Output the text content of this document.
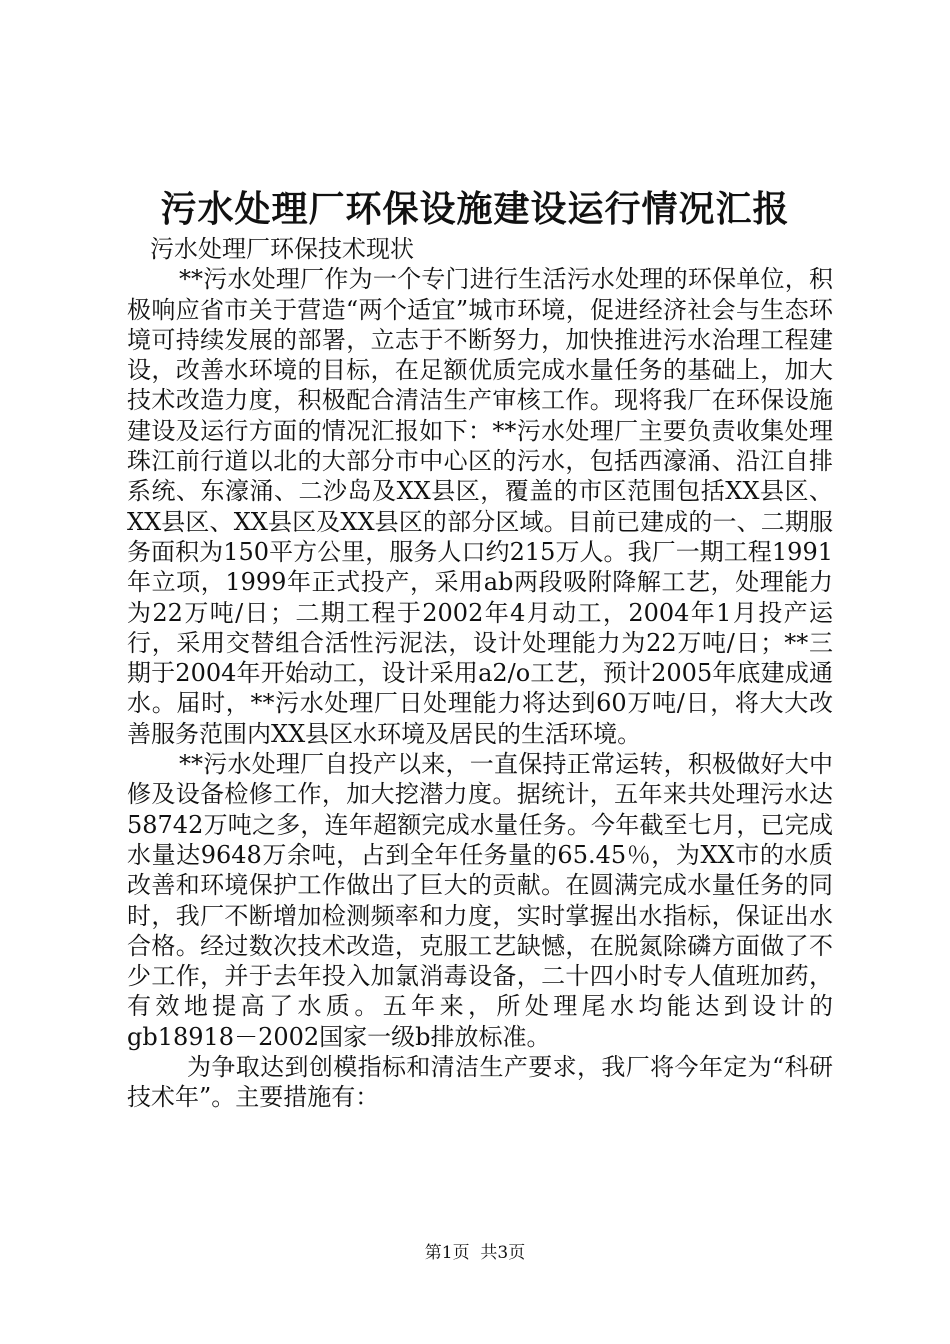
污水处理厂环保设施建设运行情况汇报

污水处理厂环保技术现状

**污水处理厂作为一个专门进行生活污水处理的环保单位，积极响应省市关于营造“两个适宜”城市环境，促进经济社会与生态环境可持续发展的部署，立志于不断努力，加快推进污水治理工程建设，改善水环境的目标，在足额优质完成水量任务的基础上，加大技术改造力度，积极配合清洁生产审核工作。现将我厂在环保设施建设及运行方面的情况汇报如下：**污水处理厂主要负责收集处理珠江前行道以北的大部分市中心区的污水，包括西濠涌、沿江自排系统、东濠涌、二沙岛及XX县区，覆盖的市区范围包括XX县区、XX县区、XX县区及XX县区的部分区域。目前已建成的一、二期服务面积为150平方公里，服务人口约215万人。我厂一期工程1991年立项，1999年正式投产，采用ab两段吸附降解工艺，处理能力为22万吨/日；二期工程于2002年4月动工，2004年1月投产运行，采用交替组合活性污泥法，设计处理能力为22万吨/日；**三期于2004年开始动工，设计采用a2/o工艺，预计2005年底建成通水。届时，**污水处理厂日处理能力将达到60万吨/日，将大大改善服务范围内XX县区水环境及居民的生活环境。

**污水处理厂自投产以来，一直保持正常运转，积极做好大中修及设备检修工作，加大挖潜力度。据统计，五年来共处理污水达58742万吨之多，连年超额完成水量任务。今年截至七月，已完成水量达9648万余吨，占到全年任务量的65.45％，为XX市的水质改善和环境保护工作做出了巨大的贡献。在圆满完成水量任务的同时，我厂不断增加检测频率和力度，实时掌握出水指标，保证出水合格。经过数次技术改造，克服工艺缺憾，在脱氮除磷方面做了不少工作，并于去年投入加氯消毒设备，二十四小时专人值班加药，有效地提高了水质。五年来，所处理尾水均能达到设计的gb18918－2002国家一级b排放标准。

为争取达到创模指标和清洁生产要求，我厂将今年定为“科研技术年”。主要措施有：

第1页  共3页
